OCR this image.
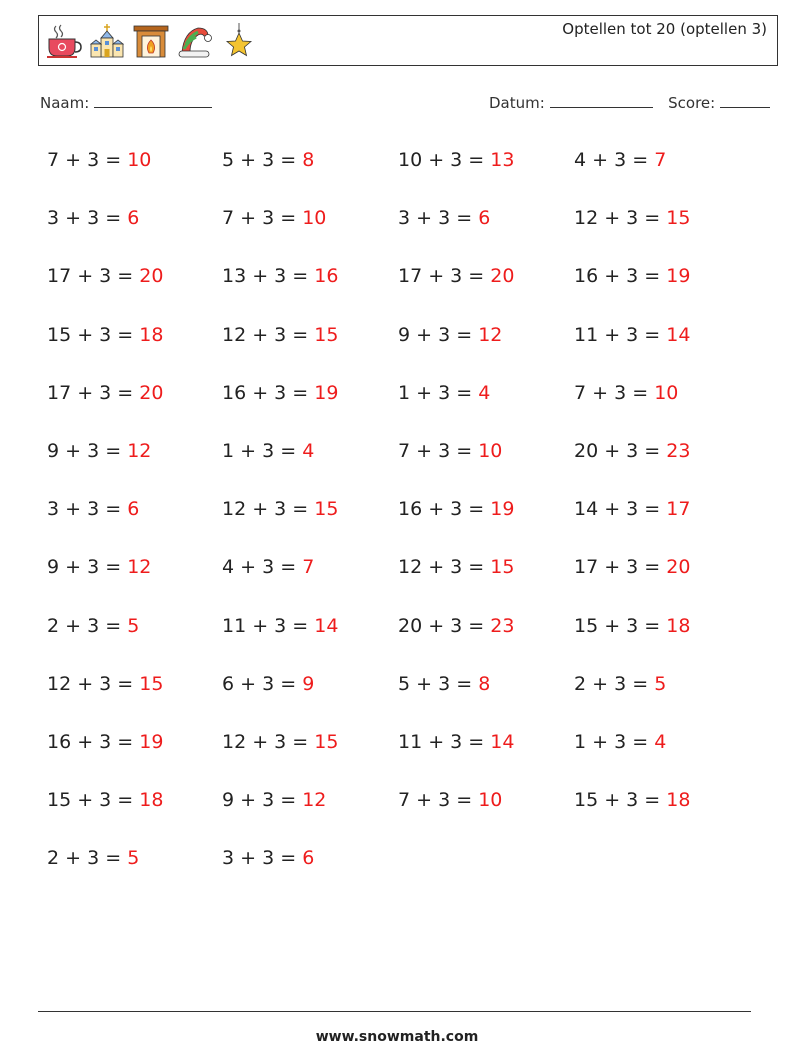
Optellen tot 20 (optellen 3)
Naam:	Datum:	Score:
7 + 3 = 10
3 + 3 = 6
17 + 3 = 20
15 + 3 = 18
17 + 3 = 20
9 + 3 = 12
3 + 3 = 6
9 + 3 = 12
2 + 3 = 5
12 + 3 = 15
16 + 3 = 19
15 + 3 = 18
2 + 3 = 5
5 + 3 = 8
7 + 3 = 10
13 + 3 = 16
12 + 3 = 15
16 + 3 = 19
1 + 3 = 4
12 + 3 = 15
4 + 3 = 7
11 + 3 = 14
6 + 3 = 9
12 + 3 = 15
9 + 3 = 12
3 + 3 = 6
10 + 3 = 13
3 + 3 = 6
17 + 3 = 20
9 + 3 = 12
1 + 3 = 4
7 + 3 = 10
16 + 3 = 19
12 + 3 = 15
20 + 3 = 23
5 + 3 = 8
11 + 3 = 14
7 + 3 = 10
4 + 3 = 7
12 + 3 = 15
16 + 3 = 19
11 + 3 = 14
7 + 3 = 10
20 + 3 = 23
14 + 3 = 17
17 + 3 = 20
15 + 3 = 18
2 + 3 = 5
1 + 3 = 4
15 + 3 = 18
www.snowmath.com
